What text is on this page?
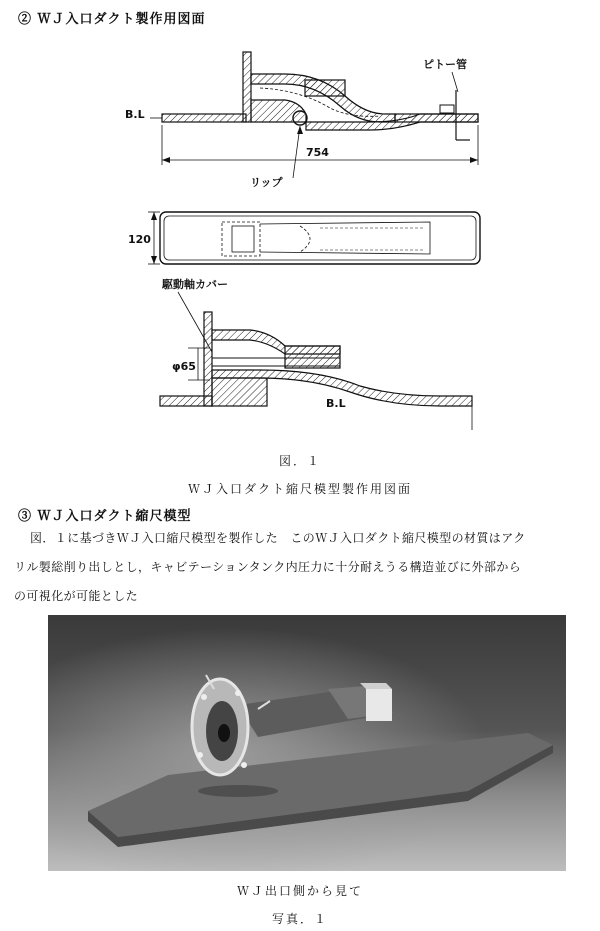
② ＷＪ入口ダクト製作用図面
ピトー管
B.L
754
リップ
120
駆動軸カバー
φ65
B.L
図．１
ＷＪ入口ダクト縮尺模型製作用図面
③ ＷＪ入口ダクト縮尺模型
図．１に基づきＷＪ入口縮尺模型を製作した　このＷＪ入口ダクト縮尺模型の材質はアク
リル製総削り出しとし，キャビテーションタンク内圧力に十分耐えうる構造並びに外部から
の可視化が可能とした
ＷＪ出口側から見て
写真．１
